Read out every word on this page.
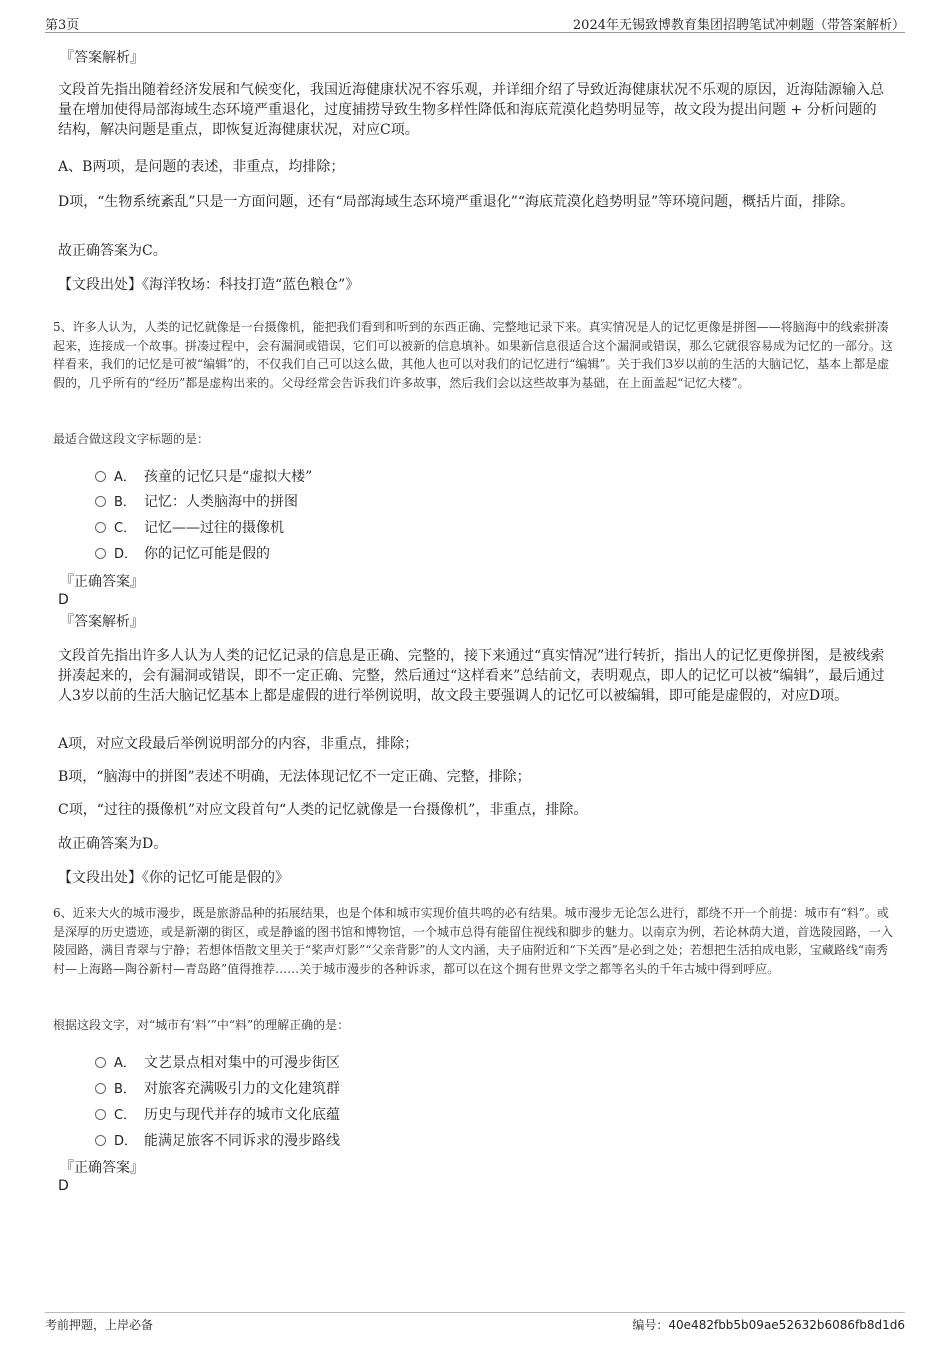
第3页	2024年无锡致博教育集团招聘笔试冲刺题（带答案解析）
『答案解析』

文段首先指出随着经济发展和气候变化，我国近海健康状况不容乐观，并详细介绍了导致近海健康状况不乐观的原因，近海陆源输入总量在增加使得局部海域生态环境严重退化，过度捕捞导致生物多样性降低和海底荒漠化趋势明显等，故文段为提出问题 + 分析问题的结构，解决问题是重点，即恢复近海健康状况，对应C项。

A、B两项，是问题的表述，非重点，均排除；

D项，“生物系统紊乱”只是一方面问题，还有“局部海域生态环境严重退化”“海底荒漠化趋势明显”等环境问题，概括片面，排除。

故正确答案为C。

【文段出处】《海洋牧场：科技打造“蓝色粮仓”》

5、许多人认为，人类的记忆就像是一台摄像机，能把我们看到和听到的东西正确、完整地记录下来。真实情况是人的记忆更像是拼图——将脑海中的线索拼凑起来，连接成一个故事。拼凑过程中，会有漏洞或错误，它们可以被新的信息填补。如果新信息很适合这个漏洞或错误，那么它就很容易成为记忆的一部分。这样看来，我们的记忆是可被“编辑”的，不仅我们自己可以这么做，其他人也可以对我们的记忆进行“编辑”。关于我们3岁以前的生活的大脑记忆，基本上都是虚假的，几乎所有的“经历”都是虚构出来的。父母经常会告诉我们许多故事，然后我们会以这些故事为基础，在上面盖起“记忆大楼”。

最适合做这段文字标题的是：

A． 孩童的记忆只是“虚拟大楼”
B． 记忆：人类脑海中的拼图
C． 记忆——过往的摄像机
D． 你的记忆可能是假的
『正确答案』
D
『答案解析』

文段首先指出许多人认为人类的记忆记录的信息是正确、完整的，接下来通过“真实情况”进行转折，指出人的记忆更像拼图，是被线索拼凑起来的，会有漏洞或错误，即不一定正确、完整，然后通过“这样看来”总结前文，表明观点，即人的记忆可以被“编辑”，最后通过人3岁以前的生活大脑记忆基本上都是虚假的进行举例说明，故文段主要强调人的记忆可以被编辑，即可能是虚假的，对应D项。

A项，对应文段最后举例说明部分的内容，非重点，排除；

B项，“脑海中的拼图”表述不明确，无法体现记忆不一定正确、完整，排除；

C项，“过往的摄像机”对应文段首句“人类的记忆就像是一台摄像机”，非重点，排除。

故正确答案为D。

【文段出处】《你的记忆可能是假的》

6、近来大火的城市漫步，既是旅游品种的拓展结果，也是个体和城市实现价值共鸣的必有结果。城市漫步无论怎么进行，都绕不开一个前提：城市有“料”。或是深厚的历史遗迹，或是新潮的街区，或是静谧的图书馆和博物馆，一个城市总得有能留住视线和脚步的魅力。以南京为例，若论林荫大道，首选陵园路，一入陵园路，满目青翠与宁静；若想体悟散文里关于“桨声灯影”“父亲背影”的人文内涵，夫子庙附近和“下关西”是必到之处；若想把生活拍成电影，宝藏路线“南秀村—上海路—陶谷新村—青岛路”值得推荐……关于城市漫步的各种诉求，都可以在这个拥有世界文学之都等名头的千年古城中得到呼应。

根据这段文字，对“城市有‘料’”中“料”的理解正确的是：

A． 文艺景点相对集中的可漫步街区
B． 对旅客充满吸引力的文化建筑群
C． 历史与现代并存的城市文化底蕴
D． 能满足旅客不同诉求的漫步路线
『正确答案』
D
考前押题，上岸必备	编号：40e482fbb5b09ae52632b6086fb8d1d6
